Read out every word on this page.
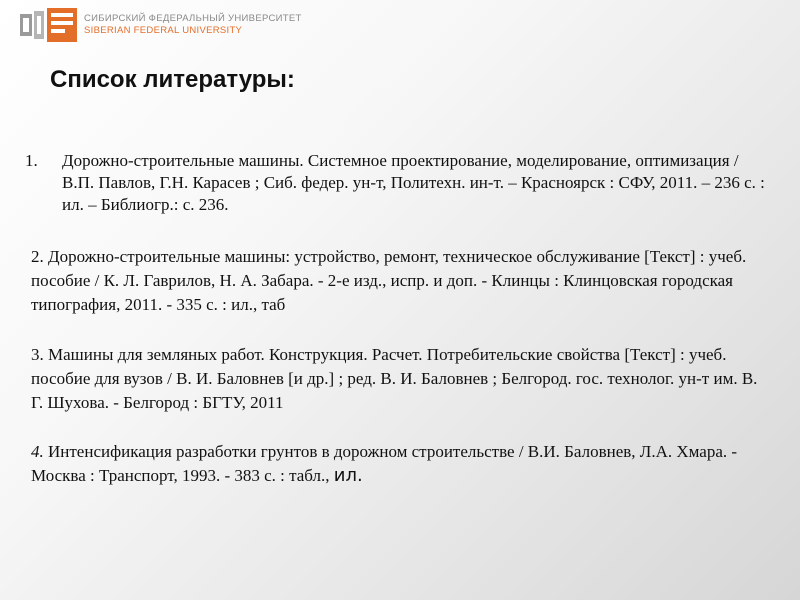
СИБИРСКИЙ ФЕДЕРАЛЬНЫЙ УНИВЕРСИТЕТ
SIBERIAN FEDERAL UNIVERSITY
Список литературы:
1.	Дорожно-строительные машины. Системное проектирование, моделирование, оптимизация / В.П. Павлов, Г.Н. Карасев ; Сиб. федер. ун-т, Политехн. ин-т. – Красноярск : СФУ, 2011. – 236 с. : ил. – Библиогр.: с. 236.
2. Дорожно-строительные машины: устройство, ремонт, техническое обслуживание [Текст] : учеб. пособие / К. Л. Гаврилов, Н. А. Забара. - 2-е изд., испр. и доп. - Клинцы : Клинцовская городская типография, 2011. - 335 с. : ил., таб
3. Машины для земляных работ. Конструкция. Расчет. Потребительские свойства [Текст] : учеб. пособие для вузов / В. И. Баловнев [и др.] ; ред. В. И. Баловнев ; Белгород. гос. технолог. ун-т им. В. Г. Шухова. - Белгород : БГТУ, 2011
4. Интенсификация разработки грунтов в дорожном строительстве / В.И. Баловнев, Л.А. Хмара. - Москва : Транспорт, 1993. - 383 с. : табл., ил.
